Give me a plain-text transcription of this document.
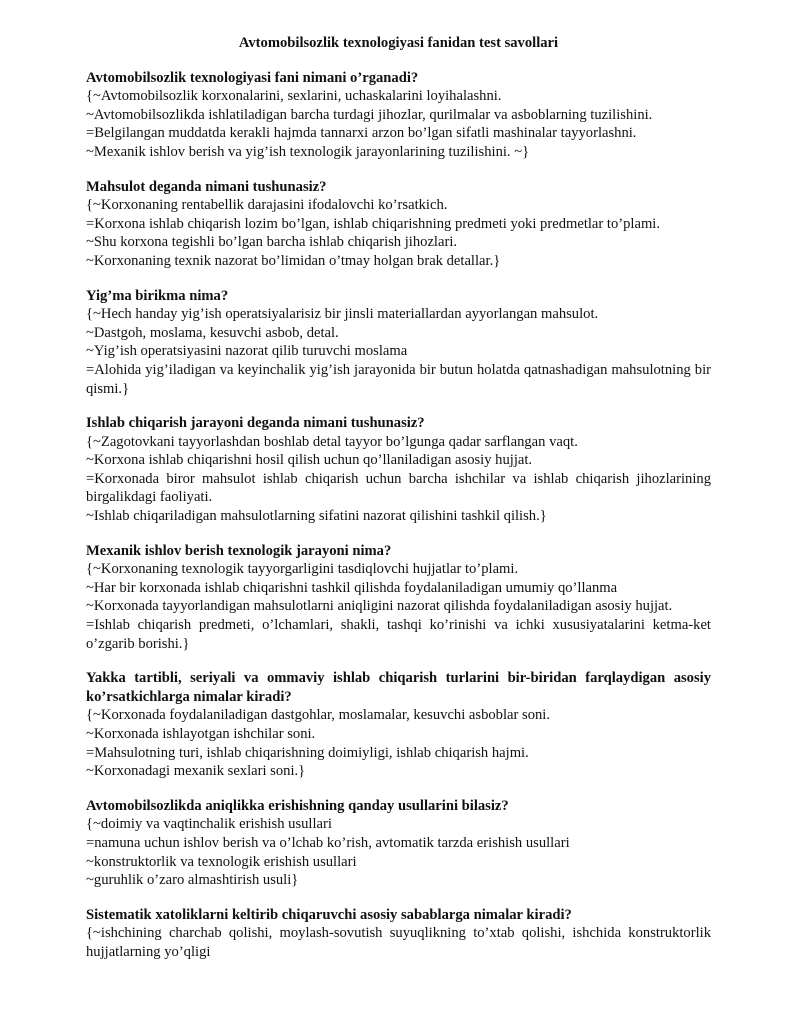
Avtomobilsozlik texnologiyasi fanidan test savollari
Avtomobilsozlik texnologiyasi fani nimani o’rganadi?
{~Avtomobilsozlik korxonalarini, sexlarini, uchaskalarini loyihalashni.
~Avtomobilsozlikda ishlatiladigan barcha turdagi jihozlar, qurilmalar va asboblarning tuzilishini.
=Belgilangan muddatda kerakli hajmda tannarxi arzon bo’lgan sifatli mashinalar tayyorlashni.
~Mexanik ishlov berish va yig’ish texnologik jarayonlarining tuzilishini. ~}
Mahsulot deganda nimani tushunasiz?
{~Korxonaning rentabellik darajasini ifodalovchi ko’rsatkich.
=Korxona ishlab chiqarish lozim bo’lgan, ishlab chiqarishning predmeti yoki predmetlar to’plami.
~Shu korxona tegishli bo’lgan barcha ishlab chiqarish jihozlari.
~Korxonaning texnik nazorat bo’limidan o’tmay holgan brak detallar.}
Yig’ma birikma nima?
{~Hech handay yig’ish operatsiyalarisiz bir jinsli materiallardan ayyorlangan mahsulot.
~Dastgoh, moslama, kesuvchi asbob, detal.
~Yig’ish operatsiyasini nazorat qilib turuvchi moslama
=Alohida yig’iladigan va keyinchalik yig’ish jarayonida bir butun holatda qatnashadigan mahsulotning bir qismi.}
Ishlab chiqarish jarayoni deganda nimani tushunasiz?
{~Zagotovkani tayyorlashdan boshlab detal tayyor bo’lgunga qadar sarflangan vaqt.
~Korxona ishlab chiqarishni hosil qilish uchun qo’llaniladigan asosiy hujjat.
=Korxonada biror mahsulot ishlab chiqarish uchun barcha ishchilar va ishlab chiqarish jihozlarining birgalikdagi faoliyati.
~Ishlab chiqariladigan mahsulotlarning sifatini nazorat qilishini tashkil qilish.}
Mexanik ishlov berish texnologik jarayoni nima?
{~Korxonaning texnologik tayyorgarligini tasdiqlovchi hujjatlar to’plami.
~Har bir korxonada ishlab chiqarishni tashkil qilishda foydalaniladigan umumiy qo’llanma
~Korxonada tayyorlandigan mahsulotlarni aniqligini nazorat qilishda foydalaniladigan asosiy hujjat.
=Ishlab chiqarish predmeti, o’lchamlari, shakli, tashqi ko’rinishi va ichki xususiyatalarini ketma-ket o’zgarib borishi.}
Yakka tartibli, seriyali va ommaviy ishlab chiqarish turlarini bir-biridan farqlaydigan asosiy ko’rsatkichlarga nimalar kiradi?
{~Korxonada foydalaniladigan dastgohlar, moslamalar, kesuvchi asboblar soni.
~Korxonada ishlayotgan ishchilar soni.
=Mahsulotning turi, ishlab chiqarishning doimiyligi, ishlab chiqarish hajmi.
~Korxonadagi mexanik sexlari soni.}
Avtomobilsozlikda aniqlikka erishishning qanday usullarini bilasiz?
{~doimiy va vaqtinchalik erishish usullari
=namuna uchun ishlov berish va o’lchab ko’rish, avtomatik tarzda erishish usullari
~konstruktorlik va texnologik erishish usullari
~guruhlik o’zaro almashtirish usuli}
Sistematik xatoliklarni keltirib chiqaruvchi asosiy sabablarga nimalar kiradi?
{~ishchining charchab qolishi, moylash-sovutish suyuqlikning to’xtab qolishi, ishchida konstruktorlik hujjatlarning yo’qligi
